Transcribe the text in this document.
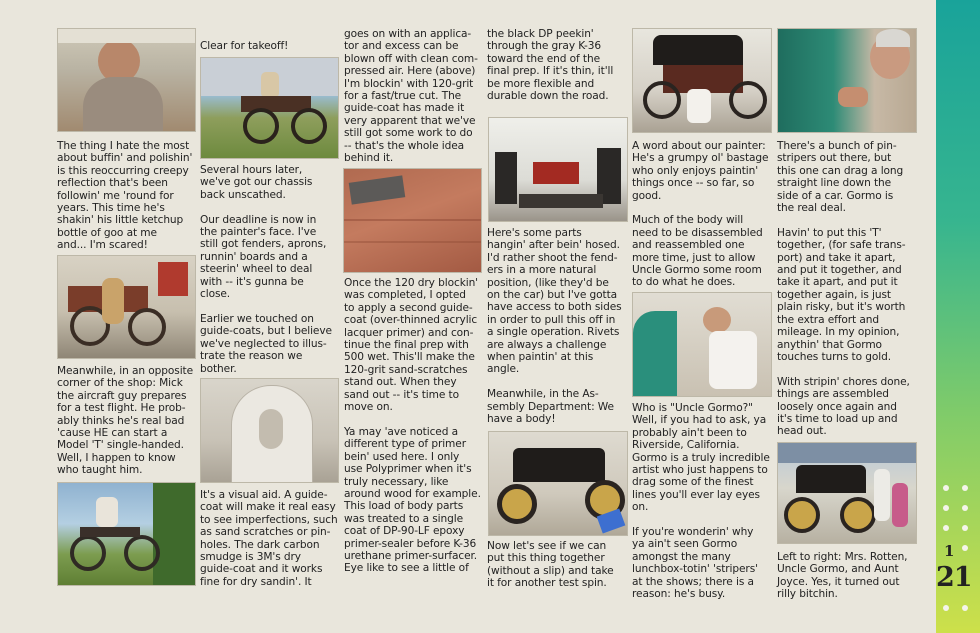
The thing I hate the most

about buffin' and polishin'

is this reoccurring creepy

reflection that's been

followin' me 'round for

years. This time he's

shakin' his little ketchup

bottle of goo at me

and... I'm scared!

Meanwhile, in an opposite

corner of the shop: Mick

the aircraft guy prepares

for a test flight. He prob-

ably thinks he's real bad

'cause HE can start a

Model 'T' single-handed.

Well, I happen to know

who taught him.

Clear for takeoff!

Several hours later,

we've got our chassis

back unscathed.

Our deadline is now in

the painter's face. I've

still got fenders, aprons,

runnin' boards and a

steerin' wheel to deal

with -- it's gunna be

close.

Earlier we touched on

guide-coats, but I believe

we've neglected to illus-

trate the reason we

bother.

It's a visual aid. A guide-

coat will make it real easy

to see imperfections, such

as sand scratches or pin-

holes. The dark carbon

smudge is 3M's dry

guide-coat and it works

fine for dry sandin'. It

goes on with an applica-

tor and excess can be

blown off with clean com-

pressed air. Here (above)

I'm blockin' with 120-grit

for a fast/true cut. The

guide-coat has made it

very apparent that we've

still got some work to do

-- that's the whole idea

behind it.

Once the 120 dry blockin'

was completed, I opted

to apply a second guide-

coat (over-thinned acrylic

lacquer primer) and con-

tinue the final prep with

500 wet. This'll make the

120-grit sand-scratches

stand out. When they

sand out -- it's time to

move on.

Ya may 'ave noticed a

different type of primer

bein' used here. I only

use Polyprimer when it's

truly necessary, like

around wood for example.

This load of body parts

was treated to a single

coat of DP-90-LF epoxy

primer-sealer before K-36

urethane primer-surfacer.

Eye like to see a little of

the black DP peekin'

through the gray K-36

toward the end of the

final prep. If it's thin, it'll

be more flexible and

durable down the road.

Here's some parts

hangin' after bein' hosed.

I'd rather shoot the fend-

ers in a more natural

position, (like they'd be

on the car) but I've gotta

have access to both sides

in order to pull this off in

a single operation. Rivets

are always a challenge

when paintin' at this

angle.

Meanwhile, in the As-

sembly Department: We

have a body!

Now let's see if we can

put this thing together

(without a slip) and take

it for another test spin.

A word about our painter:

He's a grumpy ol' bastage

who only enjoys paintin'

things once -- so far, so

good.

Much of the body will

need to be disassembled

and reassembled one

more time, just to allow

Uncle Gormo some room

to do what he does.

Who is "Uncle Gormo?"

Well, if you had to ask, ya

probably ain't been to

Riverside, California.

Gormo is a truly incredible

artist who just happens to

drag some of the finest

lines you'll ever lay eyes

on.

If you're wonderin' why

ya ain't seen Gormo

amongst the many

lunchbox-totin' 'stripers'

at the shows; there is a

reason: he's busy.

There's a bunch of pin-

stripers out there, but

this one can drag a long

straight line down the

side of a car. Gormo is

the real deal.

Havin' to put this 'T'

together, (for safe trans-

port) and take it apart,

and put it together, and

take it apart, and put it

together again, is just

plain risky, but it's worth

the extra effort and

mileage. In my opinion,

anythin' that Gormo

touches turns to gold.

With stripin' chores done,

things are assembled

loosely once again and

it's time to load up and

head out.

Left to right: Mrs. Rotten,

Uncle Gormo, and Aunt

Joyce. Yes, it turned out

rilly bitchin.

1
21
